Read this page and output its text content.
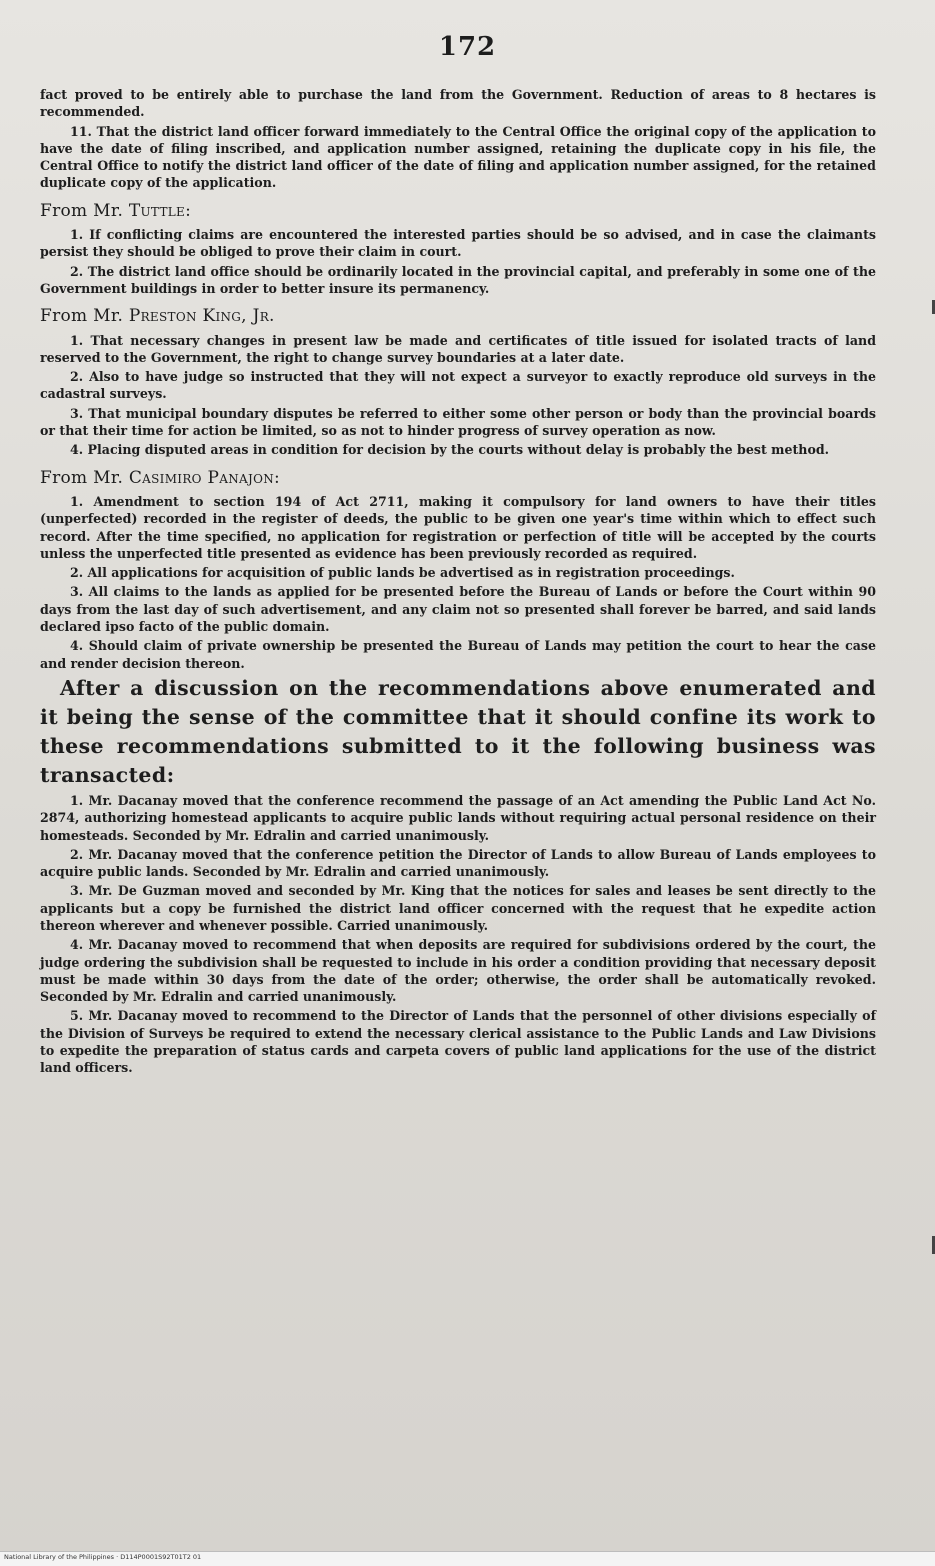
172

fact proved to be entirely able to purchase the land from the Government. Reduction of areas to 8 hectares is recommended.

11. That the district land officer forward immediately to the Central Office the original copy of the application to have the date of filing inscribed, and application number assigned, retaining the duplicate copy in his file, the Central Office to notify the district land officer of the date of filing and application number assigned, for the retained duplicate copy of the application.

From Mr. Tuttle:

1. If conflicting claims are encountered the interested parties should be so advised, and in case the claimants persist they should be obliged to prove their claim in court.

2. The district land office should be ordinarily located in the provincial capital, and preferably in some one of the Government buildings in order to better insure its permanency.

From Mr. Preston King, Jr.

1. That necessary changes in present law be made and certificates of title issued for isolated tracts of land reserved to the Government, the right to change survey boundaries at a later date.

2. Also to have judge so instructed that they will not expect a surveyor to exactly reproduce old surveys in the cadastral surveys.

3. That municipal boundary disputes be referred to either some other person or body than the provincial boards or that their time for action be limited, so as not to hinder progress of survey operation as now.

4. Placing disputed areas in condition for decision by the courts without delay is probably the best method.

From Mr. Casimiro Panajon:

1. Amendment to section 194 of Act 2711, making it compulsory for land owners to have their titles (unperfected) recorded in the register of deeds, the public to be given one year's time within which to effect such record. After the time specified, no application for registration or perfection of title will be accepted by the courts unless the unperfected title presented as evidence has been previously recorded as required.

2. All applications for acquisition of public lands be advertised as in registration proceedings.

3. All claims to the lands as applied for be presented before the Bureau of Lands or before the Court within 90 days from the last day of such advertisement, and any claim not so presented shall forever be barred, and said lands declared ipso facto of the public domain.

4. Should claim of private ownership be presented the Bureau of Lands may petition the court to hear the case and render decision thereon.

After a discussion on the recommendations above enumerated and it being the sense of the committee that it should confine its work to these recommendations submitted to it the following business was transacted:

1. Mr. Dacanay moved that the conference recommend the passage of an Act amending the Public Land Act No. 2874, authorizing homestead applicants to acquire public lands without requiring actual personal residence on their homesteads. Seconded by Mr. Edralin and carried unanimously.

2. Mr. Dacanay moved that the conference petition the Director of Lands to allow Bureau of Lands employees to acquire public lands. Seconded by Mr. Edralin and carried unanimously.

3. Mr. De Guzman moved and seconded by Mr. King that the notices for sales and leases be sent directly to the applicants but a copy be furnished the district land officer concerned with the request that he expedite action thereon wherever and whenever possible. Carried unanimously.

4. Mr. Dacanay moved to recommend that when deposits are required for subdivisions ordered by the court, the judge ordering the subdivision shall be requested to include in his order a condition providing that necessary deposit must be made within 30 days from the date of the order; otherwise, the order shall be automatically revoked. Seconded by Mr. Edralin and carried unanimously.

5. Mr. Dacanay moved to recommend to the Director of Lands that the personnel of other divisions especially of the Division of Surveys be required to extend the necessary clerical assistance to the Public Lands and Law Divisions to expedite the preparation of status cards and carpeta covers of public land applications for the use of the district land officers.

National Library of the Philippines · D114P0001S92T01T2 01
